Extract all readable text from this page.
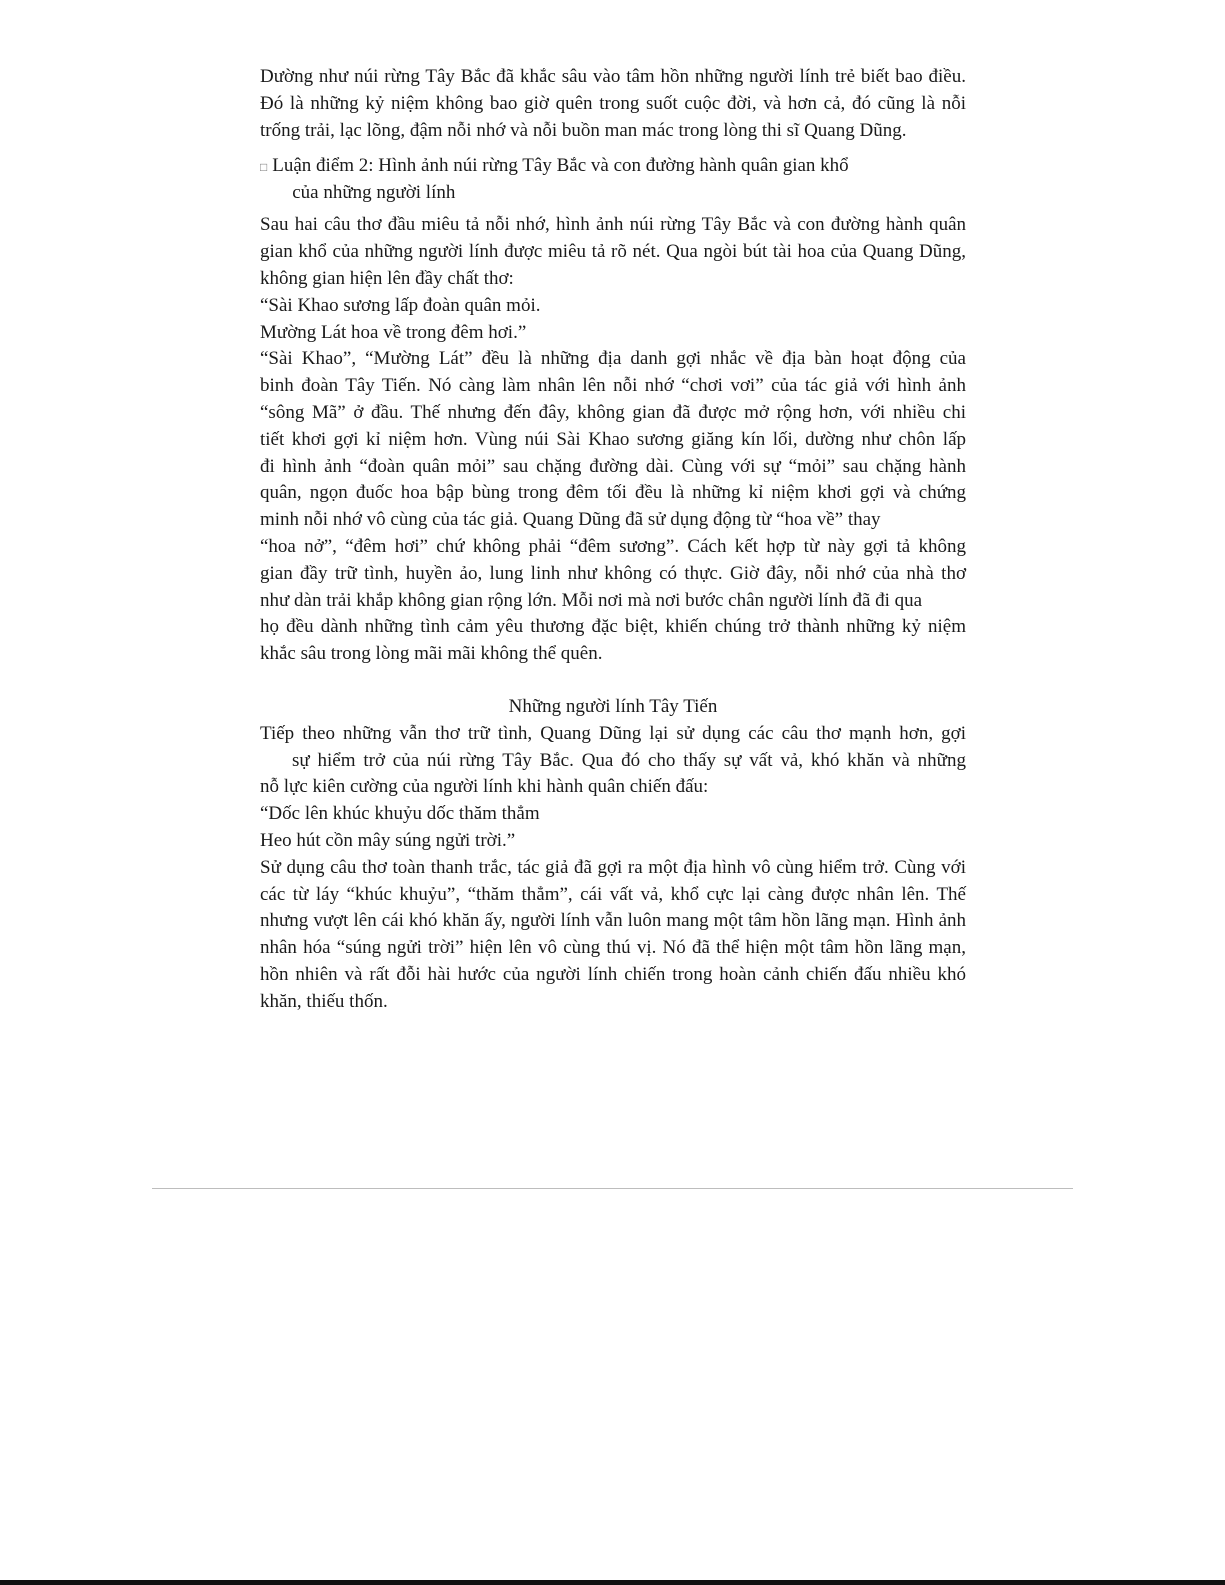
Dường như núi rừng Tây Bắc đã khắc sâu vào tâm hồn những người lính trẻ biết bao điều. Đó là những kỷ niệm không bao giờ quên trong suốt cuộc đời, và hơn cả, đó cũng là nỗi trống trải, lạc lõng, đậm nỗi nhớ và nỗi buồn man mác trong lòng thi sĩ Quang Dũng.

□ Luận điểm 2: Hình ảnh núi rừng Tây Bắc và con đường hành quân gian khổ
của những người lính

Sau hai câu thơ đầu miêu tả nỗi nhớ, hình ảnh núi rừng Tây Bắc và con đường hành quân gian khổ của những người lính được miêu tả rõ nét. Qua ngòi bút tài hoa của Quang Dũng, không gian hiện lên đầy chất thơ:

“Sài Khao sương lấp đoàn quân mỏi.

Mường Lát hoa về trong đêm hơi.”

“Sài Khao”, “Mường Lát” đều là những địa danh gợi nhắc về địa bàn hoạt động của

binh đoàn Tây Tiến. Nó càng làm nhân lên nỗi nhớ “chơi vơi” của tác giả với hình ảnh

“sông Mã” ở đầu. Thế nhưng đến đây, không gian đã được mở rộng hơn, với nhiều chi

tiết khơi gợi kỉ niệm hơn. Vùng núi Sài Khao sương giăng kín lối, dường như chôn lấp

đi hình ảnh “đoàn quân mỏi” sau chặng đường dài. Cùng với sự “mỏi” sau chặng hành

quân, ngọn đuốc hoa bập bùng trong đêm tối đều là những kỉ niệm khơi gợi và chứng

minh nỗi nhớ vô cùng của tác giả. Quang Dũng đã sử dụng động từ “hoa về” thay

“hoa nở”, “đêm hơi” chứ không phải “đêm sương”. Cách kết hợp từ này gợi tả không

gian đầy trữ tình, huyền ảo, lung linh như không có thực. Giờ đây, nỗi nhớ của nhà thơ

như dàn trải khắp không gian rộng lớn. Mỗi nơi mà nơi bước chân người lính đã đi qua

họ đều dành những tình cảm yêu thương đặc biệt, khiến chúng trở thành những kỷ niệm

khắc sâu trong lòng mãi mãi không thể quên.

Những người lính Tây Tiến

Tiếp theo những vẫn thơ trữ tình, Quang Dũng lại sử dụng các câu thơ mạnh hơn, gợi

sự hiểm trở của núi rừng Tây Bắc. Qua đó cho thấy sự vất vả, khó khăn và những

nỗ lực kiên cường của người lính khi hành quân chiến đấu:

“Dốc lên khúc khuỷu dốc thăm thẳm

Heo hút cồn mây súng ngửi trời.”

Sử dụng câu thơ toàn thanh trắc, tác giả đã gợi ra một địa hình vô cùng hiểm trở. Cùng với các từ láy “khúc khuỷu”, “thăm thẳm”, cái vất vả, khổ cực lại càng được nhân lên. Thế nhưng vượt lên cái khó khăn ấy, người lính vẫn luôn mang một tâm hồn lãng mạn. Hình ảnh nhân hóa “súng ngửi trời” hiện lên vô cùng thú vị. Nó đã thể hiện một tâm hồn lãng mạn, hồn nhiên và rất đỗi hài hước của người lính chiến trong hoàn cảnh chiến đấu nhiều khó khăn, thiếu thốn.
